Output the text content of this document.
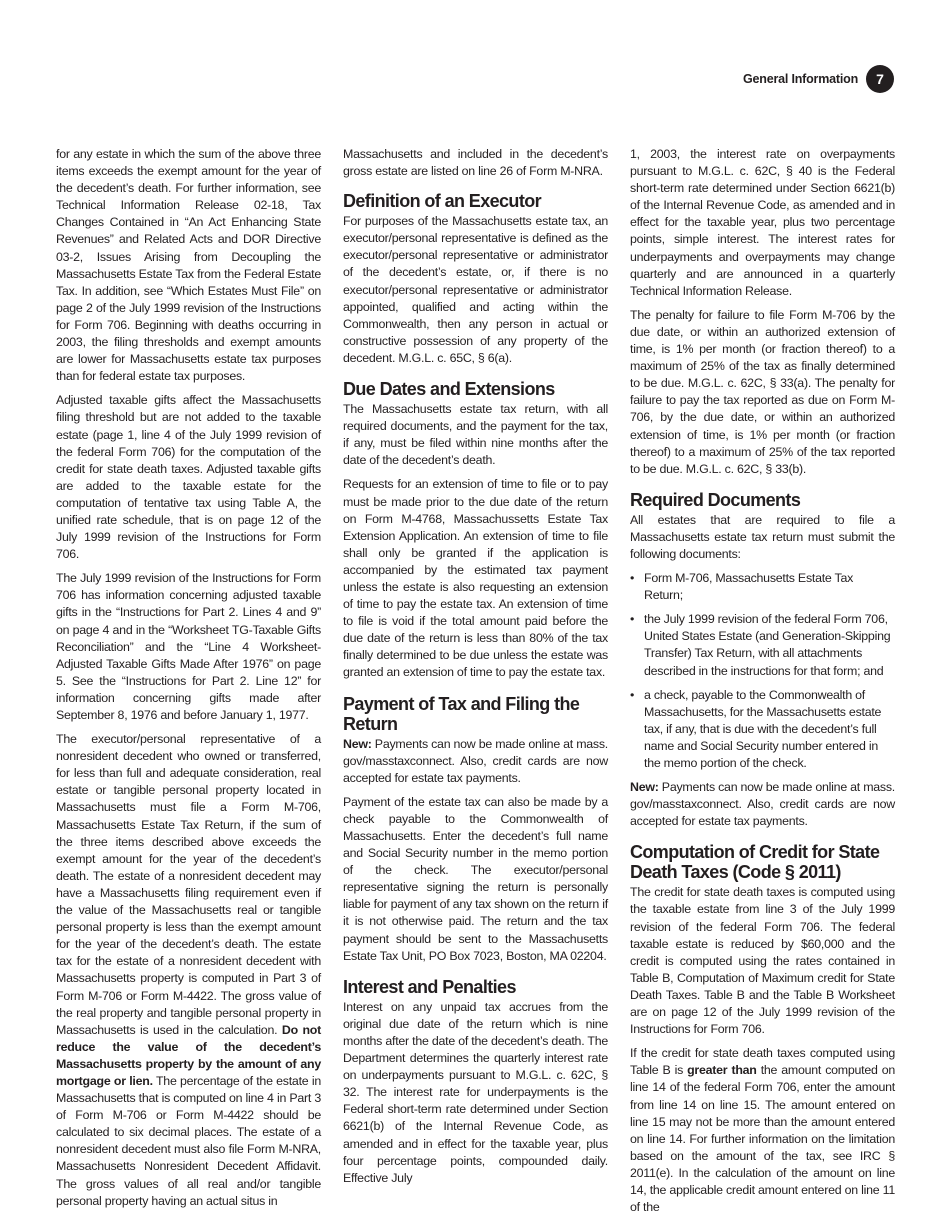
General Information	7

for any estate in which the sum of the above three items exceeds the exempt amount for the year of the decedent’s death. For further information, see Technical Information Release 02-18, Tax Changes Contained in “An Act Enhancing State Revenues” and Related Acts and DOR Directive 03-2, Issues Arising from Decoupling the Massachusetts Estate Tax from the Federal Estate Tax. In addition, see “Which Estates Must File” on page 2 of the July 1999 revision of the Instructions for Form 706. Beginning with deaths occurring in 2003, the filing thresholds and exempt amounts are lower for Massachusetts estate tax purposes than for federal estate tax purposes.

Adjusted taxable gifts affect the Massachusetts filing threshold but are not added to the taxable estate (page 1, line 4 of the July 1999 revision of the federal Form 706) for the computation of the credit for state death taxes. Adjusted taxable gifts are added to the taxable estate for the computation of tentative tax using Table A, the unified rate schedule, that is on page 12 of the July 1999 revision of the Instructions for Form 706.

The July 1999 revision of the Instructions for Form 706 has information concerning adjusted taxable gifts in the “Instructions for Part 2. Lines 4 and 9” on page 4 and in the “Worksheet TG-Taxable Gifts Reconciliation” and the “Line 4 Worksheet-Adjusted Taxable Gifts Made After 1976” on page 5. See the “Instructions for Part 2. Line 12” for information concerning gifts made after September 8, 1976 and before January 1, 1977.

The executor/personal representative of a nonresident decedent who owned or transferred, for less than full and adequate consideration, real estate or tangible personal property located in Massachusetts must file a Form M-706, Massachusetts Estate Tax Return, if the sum of the three items described above exceeds the exempt amount for the year of the decedent’s death. The estate of a nonresident decedent may have a Massachusetts filing requirement even if the value of the Massachusetts real or tangible personal property is less than the exempt amount for the year of the decedent’s death. The estate tax for the estate of a nonresident decedent with Massachusetts property is computed in Part 3 of Form M-706 or Form M-4422. The gross value of the real property and tangible personal property in Massachusetts is used in the calculation. Do not reduce the value of the decedent’s Massachusetts property by the amount of any mortgage or lien. The percentage of the estate in Massachusetts that is computed on line 4 in Part 3 of Form M-706 or Form M-4422 should be calculated to six decimal places. The estate of a nonresident decedent must also file Form M-NRA, Massachusetts Nonresident Decedent Affidavit. The gross values of all real and/or tangible personal property having an actual situs in

Massachusetts and included in the decedent’s gross estate are listed on line 26 of Form M-NRA.

Definition of an Executor

For purposes of the Massachusetts estate tax, an executor/personal representative is defined as the executor/personal representative or administrator of the decedent’s estate, or, if there is no executor/personal representative or administrator appointed, qualified and acting within the Commonwealth, then any person in actual or constructive possession of any property of the decedent. M.G.L. c. 65C, § 6(a).

Due Dates and Extensions

The Massachusetts estate tax return, with all required documents, and the payment for the tax, if any, must be filed within nine months after the date of the decedent’s death.

Requests for an extension of time to file or to pay must be made prior to the due date of the return on Form M-4768, Massachussetts Estate Tax Extension Application. An extension of time to file shall only be granted if the application is accompanied by the estimated tax payment unless the estate is also requesting an extension of time to pay the estate tax. An extension of time to file is void if the total amount paid before the due date of the return is less than 80% of the tax finally determined to be due unless the estate was granted an extension of time to pay the estate tax.

Payment of Tax and Filing the Return

New: Payments can now be made online at mass. gov/masstaxconnect. Also, credit cards are now accepted for estate tax payments.

Payment of the estate tax can also be made by a check payable to the Commonwealth of Massachusetts. Enter the decedent’s full name and Social Security number in the memo portion of the check. The executor/personal representative signing the return is personally liable for payment of any tax shown on the return if it is not otherwise paid. The return and the tax payment should be sent to the Massachusetts Estate Tax Unit, PO Box 7023, Boston, MA 02204.

Interest and Penalties

Interest on any unpaid tax accrues from the original due date of the return which is nine months after the date of the decedent’s death. The Department determines the quarterly interest rate on underpayments pursuant to M.G.L. c. 62C, § 32. The interest rate for underpayments is the Federal short-term rate determined under Section 6621(b) of the Internal Revenue Code, as amended and in effect for the taxable year, plus four percentage points, compounded daily. Effective July

1, 2003, the interest rate on overpayments pursuant to M.G.L. c. 62C, § 40 is the Federal short-term rate determined under Section 6621(b) of the Internal Revenue Code, as amended and in effect for the taxable year, plus two percentage points, simple interest. The interest rates for underpayments and overpayments may change quarterly and are announced in a quarterly Technical Information Release.

The penalty for failure to file Form M-706 by the due date, or within an authorized extension of time, is 1% per month (or fraction thereof) to a maximum of 25% of the tax as finally determined to be due. M.G.L. c. 62C, § 33(a). The penalty for failure to pay the tax reported as due on Form M-706, by the due date, or within an authorized extension of time, is 1% per month (or fraction thereof) to a maximum of 25% of the tax reported to be due. M.G.L. c. 62C, § 33(b).

Required Documents

All estates that are required to file a Massachusetts estate tax return must submit the following documents:

• Form M-706, Massachusetts Estate Tax Return;
• the July 1999 revision of the federal Form 706, United States Estate (and Generation-Skipping Transfer) Tax Return, with all attachments described in the instructions for that form; and
• a check, payable to the Commonwealth of Massachusetts, for the Massachusetts estate tax, if any, that is due with the decedent’s full name and Social Security number entered in the memo portion of the check.

New: Payments can now be made online at mass. gov/masstaxconnect. Also, credit cards are now accepted for estate tax payments.

Computation of Credit for State Death Taxes (Code § 2011)

The credit for state death taxes is computed using the taxable estate from line 3 of the July 1999 revision of the federal Form 706. The federal taxable estate is reduced by $60,000 and the credit is computed using the rates contained in Table B, Computation of Maximum credit for State Death Taxes. Table B and the Table B Worksheet are on page 12 of the July 1999 revision of the Instructions for Form 706.

If the credit for state death taxes computed using Table B is greater than the amount computed on line 14 of the federal Form 706, enter the amount from line 14 on line 15. The amount entered on line 15 may not be more than the amount entered on line 14. For further information on the limitation based on the amount of the tax, see IRC § 2011(e). In the calculation of the amount on line 14, the applicable credit amount entered on line 11 of the
